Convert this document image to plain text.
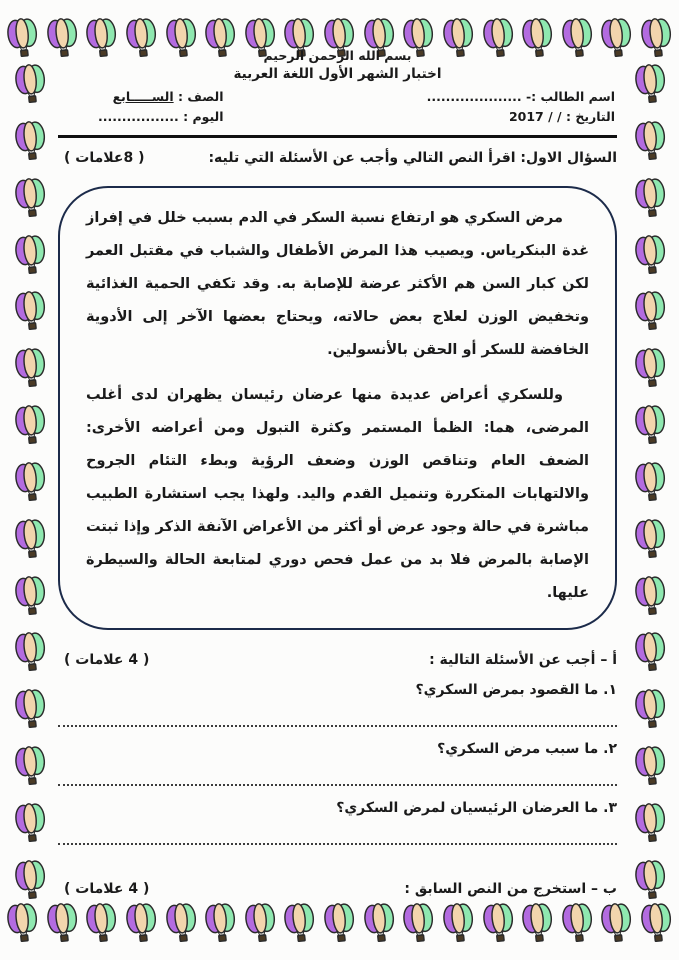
بسم الله الرحمن الرحيم
اختبار الشهر الأول اللغة العربية
اسم الطالب :- ....................
التاريخ : / / 2017
الصف : الســـــابع
اليوم : .................
السؤال الاول: اقرأ النص التالي وأجب عن الأسئلة التي تليه:
( 8علامات )

مرض السكري هو ارتفاع نسبة السكر في الدم بسبب خلل في إفراز غدة البنكرياس. ويصيب هذا المرض الأطفال والشباب في مقتبل العمر لكن كبار السن هم الأكثر عرضة للإصابة به. وقد تكفي الحمية الغذائية وتخفيض الوزن لعلاج بعض حالاته، ويحتاج بعضها الآخر إلى الأدوية الخافضة للسكر أو الحقن بالأنسولين.

وللسكري أعراض عديدة منها عرضان رئيسان يظهران لدى أغلب المرضى، هما: الظمأ المستمر وكثرة التبول ومن أعراضه الأخرى: الضعف العام وتناقص الوزن وضعف الرؤية وبطء التئام الجروح والالتهابات المتكررة وتنميل القدم واليد. ولهذا يجب استشارة الطبيب مباشرة في حالة وجود عرض أو أكثر من الأعراض الآنفة الذكر وإذا ثبتت الإصابة بالمرض فلا بد من عمل فحص دوري لمتابعة الحالة والسيطرة عليها.

أ – أجب عن الأسئلة التالية :
( 4 علامات )
١. ما القصود بمرض السكري؟
٢. ما سبب مرض السكري؟
٣. ما العرضان الرئيسيان لمرض السكري؟
ب – استخرج من النص السابق :
( 4 علامات )
